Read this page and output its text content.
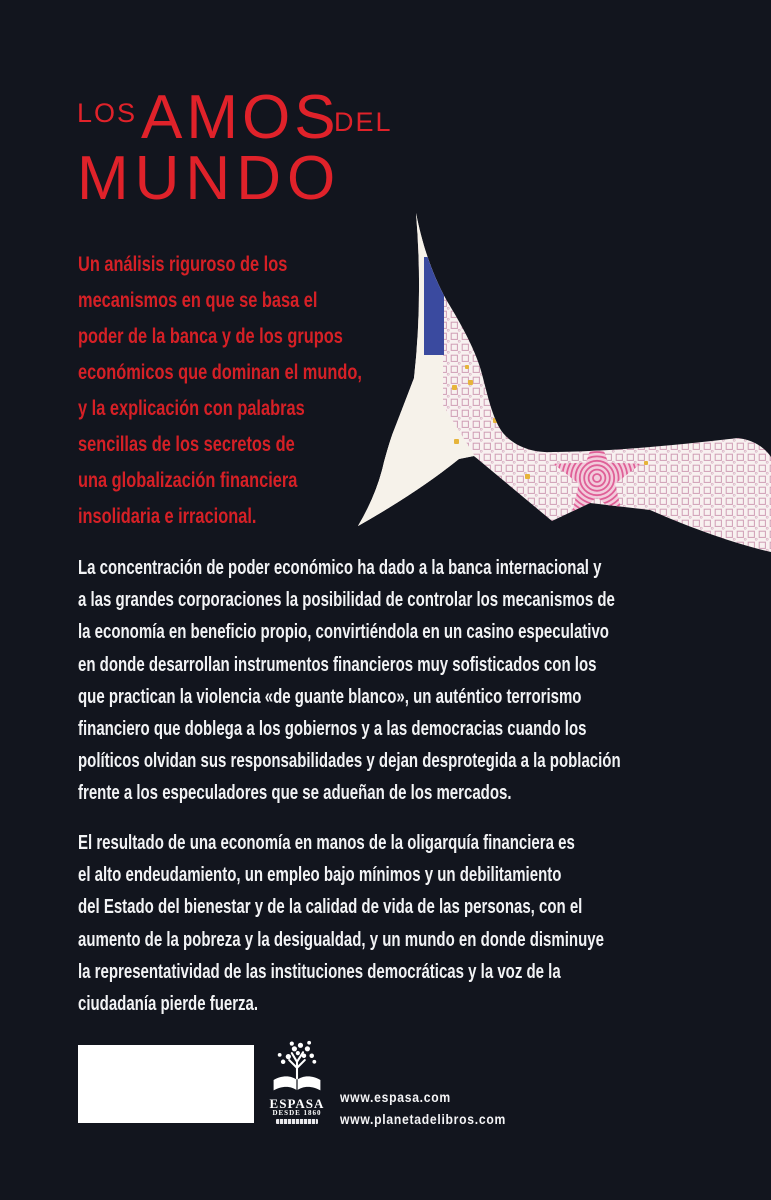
LOS AMOS
DEL
MUNDO
Un análisis riguroso de los
mecanismos en que se basa el
poder de la banca y de los grupos
económicos que dominan el mundo,
y la explicación con palabras
sencillas de los secretos de
una globalización financiera
insolidaria e irracional.
La concentración de poder económico ha dado a la banca internacional y
a las grandes corporaciones la posibilidad de controlar los mecanismos de
la economía en beneficio propio, convirtiéndola en un casino especulativo
en donde desarrollan instrumentos financieros muy sofisticados con los
que practican la violencia «de guante blanco», un auténtico terrorismo
financiero que doblega a los gobiernos y a las democracias cuando los
políticos olvidan sus responsabilidades y dejan desprotegida a la población
frente a los especuladores que se adueñan de los mercados.
El resultado de una economía en manos de la oligarquía financiera es
el alto endeudamiento, un empleo bajo mínimos y un debilitamiento
del Estado del bienestar y de la calidad de vida de las personas, con el
aumento de la pobreza y la desigualdad, y un mundo en donde disminuye
la representatividad de las instituciones democráticas y la voz de la
ciudadanía pierde fuerza.
ESPASA
DESDE 1860
www.espasa.com
www.planetadelibros.com
